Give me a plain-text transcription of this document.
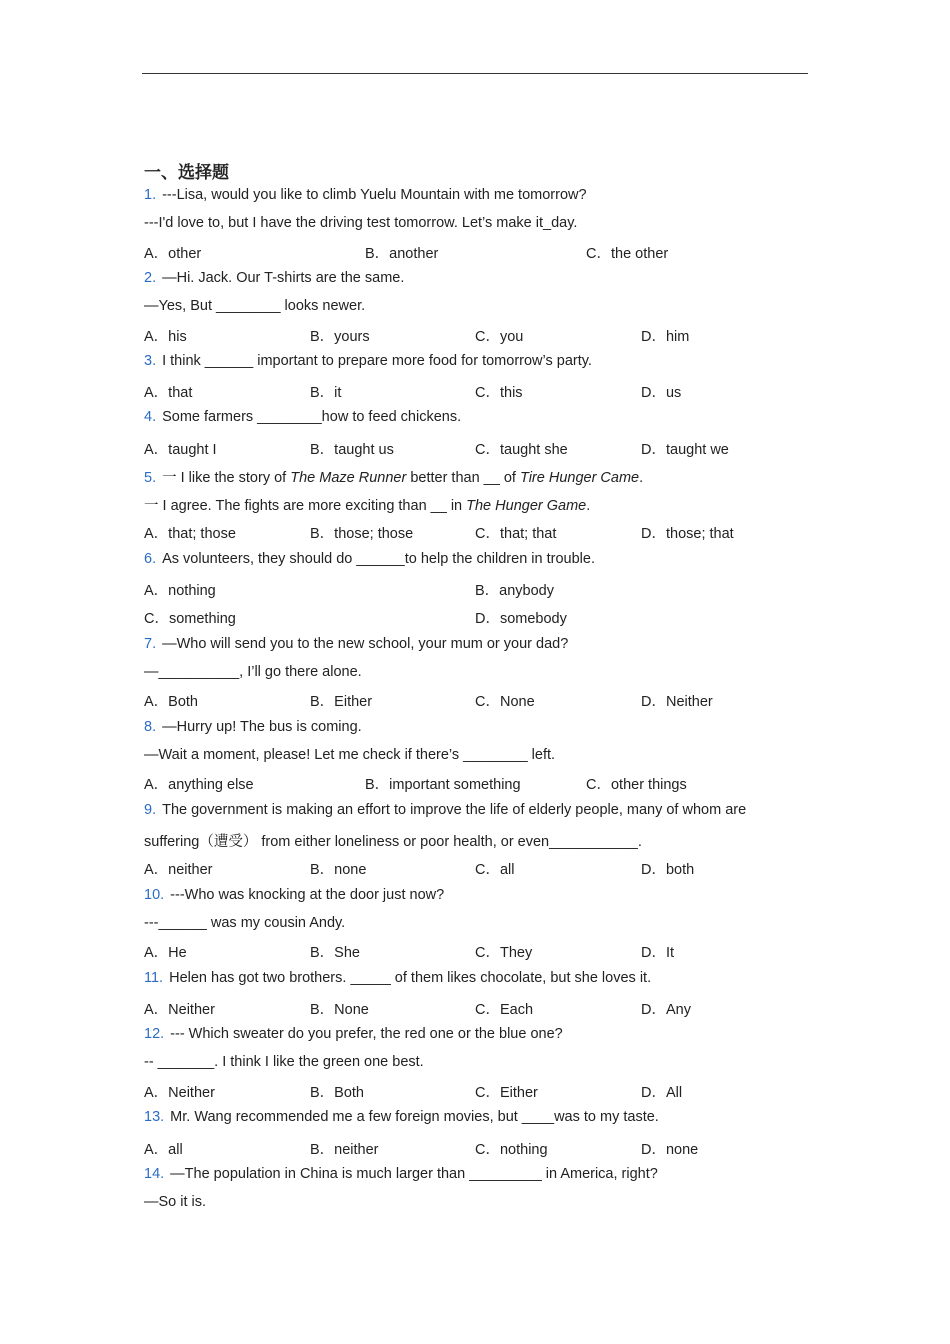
一、选择题
1. ---Lisa, would you like to climb Yuelu Mountain with me tomorrow?
---I'd love to, but I have the driving test tomorrow. Let’s make it_day.
A．other	B．another	C．the other
2. —Hi. Jack. Our T-shirts are the same.
—Yes, But ________ looks newer.
A．his	B．yours	C．you	D．him
3. I think ______ important to prepare more food for tomorrow’s party.
A．that	B．it	C．this	D．us
4. Some farmers ________how to feed chickens.
A．taught I	B．taught us	C．taught she	D．taught we
5. 一 I like the story of The Maze Runner better than __ of Tire Hunger Came.
一 I agree. The fights are more exciting than __ in The Hunger Game.
A．that; those	B．those; those	C．that; that	D．those; that
6. As volunteers, they should do ______to help the children in trouble.
A．nothing	B．anybody
C．something	D．somebody
7. —Who will send you to the new school, your mum or your dad?
—__________, I’ll go there alone.
A．Both	B．Either	C．None	D．Neither
8. —Hurry up! The bus is coming.
—Wait a moment, please! Let me check if there’s ________ left.
A．anything else	B．important something	C．other things
9. The government is making an effort to improve the life of elderly people, many of whom are
suffering（遭受） from either loneliness or poor health, or even___________.
A．neither	B．none	C．all	D．both
10. ---Who was knocking at the door just now?
---______ was my cousin Andy.
A．He	B．She	C．They	D．It
11. Helen has got two brothers. _____ of them likes chocolate, but she loves it.
A．Neither	B．None	C．Each	D．Any
12. --- Which sweater do you prefer, the red one or the blue one?
-- _______. I think I like the green one best.
A．Neither	B．Both	C．Either	D．All
13. Mr. Wang recommended me a few foreign movies, but ____was to my taste.
A．all	B．neither	C．nothing	D．none
14. —The population in China is much larger than _________ in America, right?
—So it is.
